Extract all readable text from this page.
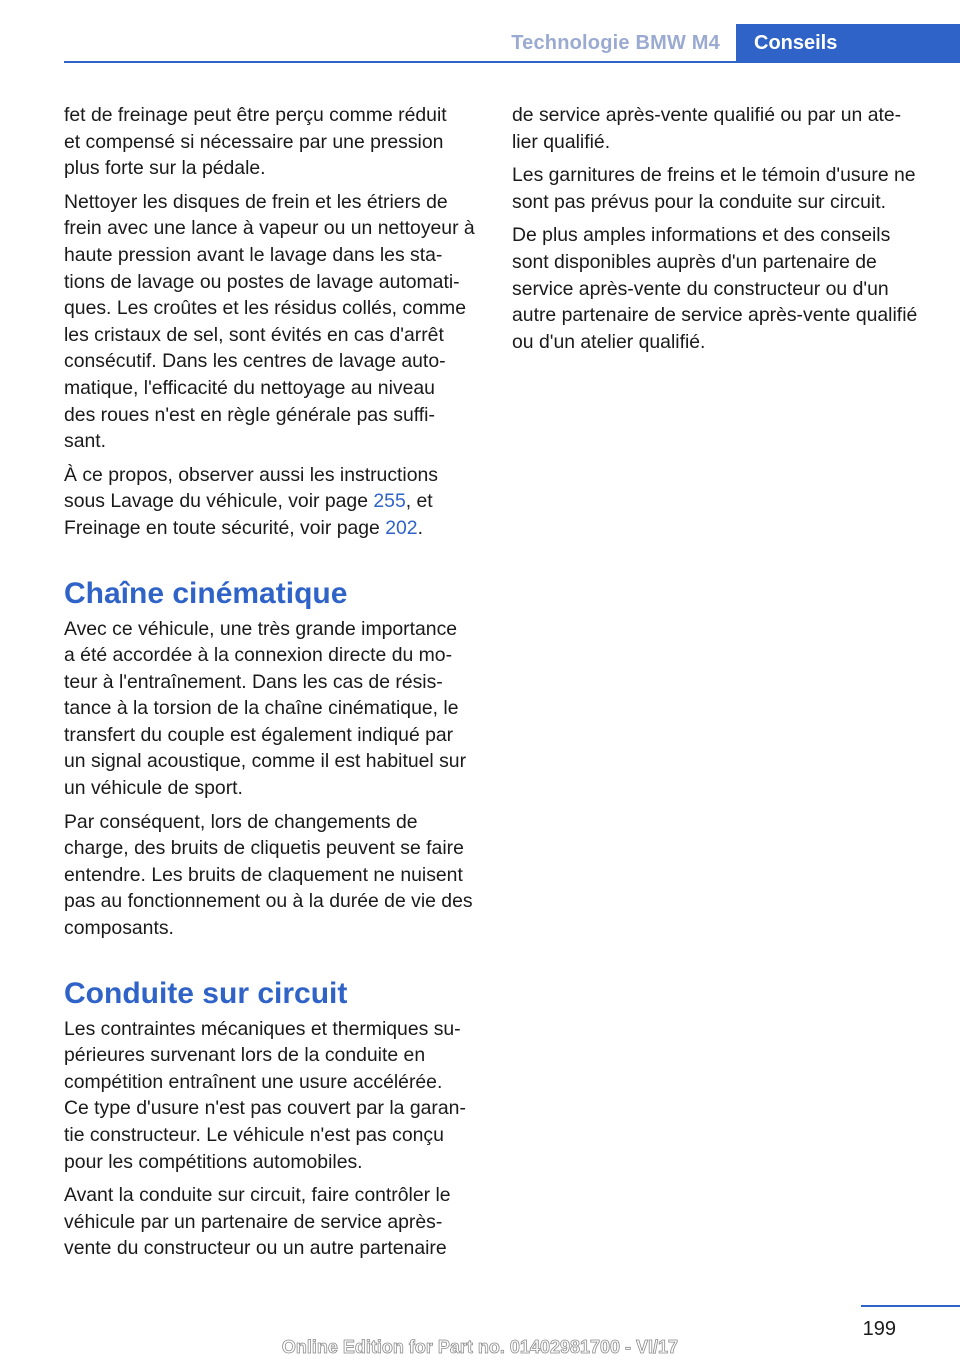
Technologie BMW M4	Conseils

fet de freinage peut être perçu comme réduit
et compensé si nécessaire par une pression
plus forte sur la pédale.

Nettoyer les disques de frein et les étriers de
frein avec une lance à vapeur ou un nettoyeur à
haute pression avant le lavage dans les sta‐
tions de lavage ou postes de lavage automati‐
ques. Les croûtes et les résidus collés, comme
les cristaux de sel, sont évités en cas d'arrêt
consécutif. Dans les centres de lavage auto‐
matique, l'efficacité du nettoyage au niveau
des roues n'est en règle générale pas suffi‐
sant.

À ce propos, observer aussi les instructions
sous Lavage du véhicule, voir page 255, et
Freinage en toute sécurité, voir page 202.

Chaîne cinématique

Avec ce véhicule, une très grande importance
a été accordée à la connexion directe du mo‐
teur à l'entraînement. Dans les cas de résis‐
tance à la torsion de la chaîne cinématique, le
transfert du couple est également indiqué par
un signal acoustique, comme il est habituel sur
un véhicule de sport.

Par conséquent, lors de changements de
charge, des bruits de cliquetis peuvent se faire
entendre. Les bruits de claquement ne nuisent
pas au fonctionnement ou à la durée de vie des
composants.

Conduite sur circuit

Les contraintes mécaniques et thermiques su‐
périeures survenant lors de la conduite en
compétition entraînent une usure accélérée.
Ce type d'usure n'est pas couvert par la garan‐
tie constructeur. Le véhicule n'est pas conçu
pour les compétitions automobiles.

Avant la conduite sur circuit, faire contrôler le
véhicule par un partenaire de service après-
vente du constructeur ou un autre partenaire

de service après-vente qualifié ou par un ate‐
lier qualifié.

Les garnitures de freins et le témoin d'usure ne
sont pas prévus pour la conduite sur circuit.

De plus amples informations et des conseils
sont disponibles auprès d'un partenaire de
service après-vente du constructeur ou d'un
autre partenaire de service après-vente qualifié
ou d'un atelier qualifié.

199
Online Edition for Part no. 01402981700 - VI/17
